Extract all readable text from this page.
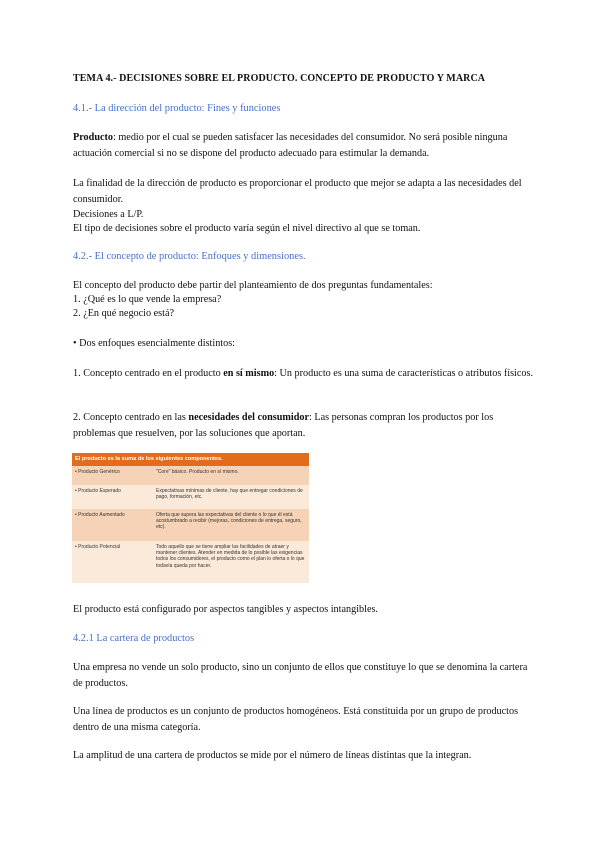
TEMA 4.- DECISIONES SOBRE EL PRODUCTO. CONCEPTO DE PRODUCTO Y MARCA
4.1.- La dirección del producto: Fines y funciones

Producto: medio por el cual se pueden satisfacer las necesidades del consumidor. No será posible ninguna actuación comercial si no se dispone del producto adecuado para estimular la demanda.

La finalidad de la dirección de producto es proporcionar el producto que mejor se adapta a las necesidades del consumidor.

Decisiones a L/P.

El tipo de decisiones sobre el producto varía según el nivel directivo al que se toman.

4.2.- El concepto de producto: Enfoques y dimensiones.

El concepto del producto debe partir del planteamiento de dos preguntas fundamentales:

1. ¿Qué es lo que vende la empresa?

2. ¿En qué negocio está?

• Dos enfoques esencialmente distintos:

1. Concepto centrado en el producto en sí mismo: Un producto es una suma de características o atributos físicos.

2. Concepto centrado en las necesidades del consumidor: Las personas compran los productos por los problemas que resuelven, por las soluciones que aportan.

El producto es la suma de los siguientes componentes.
• Producto Genérico	"Core" básico. Producto en sí mismo.
• Producto Esperado	Expectativas mínimas de cliente, hay que entregar condiciones de pago, formación, etc.
• Producto Aumentado	Oferta que supera las expectativas del cliente o lo que él está acostumbrado a recibir (mejoras, condiciones de entrega, seguro, etc).
• Producto Potencial	Todo aquello que se tiene ampliar las facilidades de atraer y mantener clientes. Atender en medida de lo posible las exigencias todos los consumidores, el producto como el plan lo oferta o lo que todavía queda por hacer.

El producto está configurado por aspectos tangibles y aspectos intangibles.

4.2.1 La cartera de productos

Una empresa no vende un solo producto, sino un conjunto de ellos que constituye lo que se denomina la cartera de productos.

Una línea de productos es un conjunto de productos homogéneos. Está constituida por un grupo de productos dentro de una misma categoría.

La amplitud de una cartera de productos se mide por el número de líneas distintas que la integran.
